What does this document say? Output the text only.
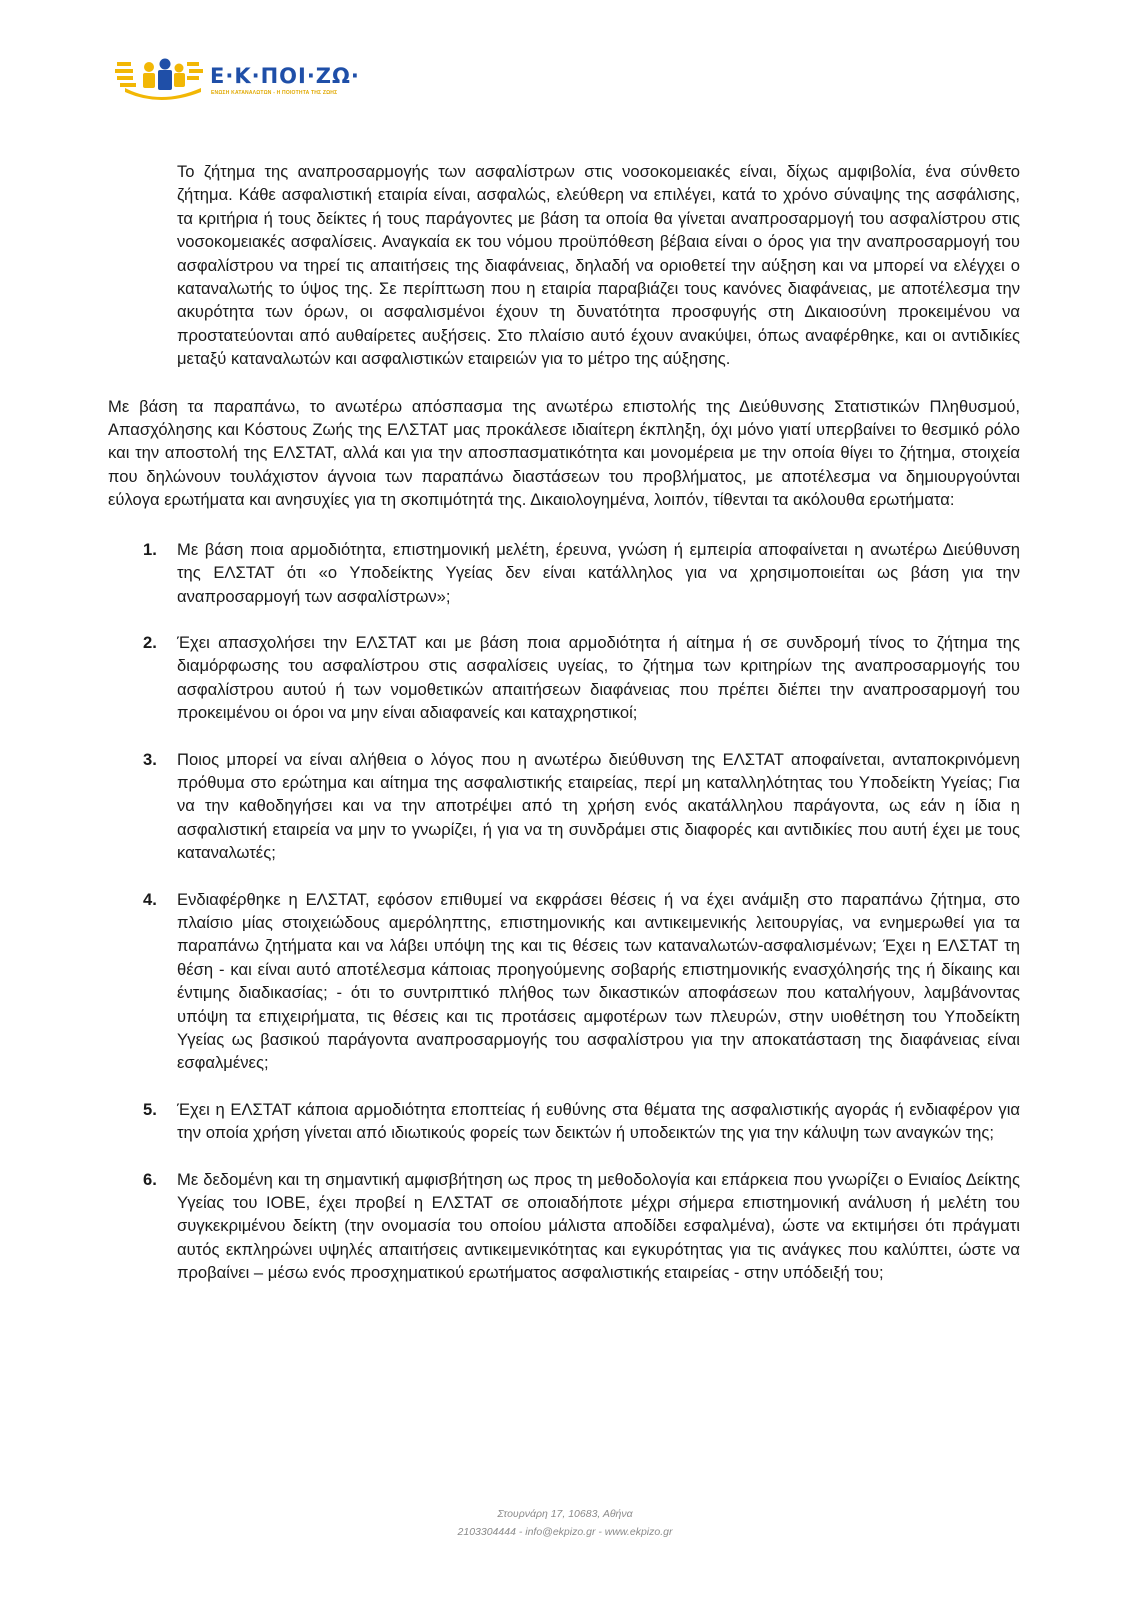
Ε·Κ·ΠΟΙ·ΖΩ·
ΕΝΩΣΗ ΚΑΤΑΝΑΛΩΤΩΝ - Η ΠΟΙΟΤΗΤΑ ΤΗΣ ΖΩΗΣ

Το ζήτημα της αναπροσαρμογής των ασφαλίστρων στις νοσοκομειακές είναι, δίχως αμφιβολία, ένα σύνθετο ζήτημα. Κάθε ασφαλιστική εταιρία είναι, ασφαλώς, ελεύθερη να επιλέγει, κατά το χρόνο σύναψης της ασφάλισης, τα κριτήρια ή τους δείκτες ή τους παράγοντες με βάση τα οποία θα γίνεται αναπροσαρμογή του ασφαλίστρου στις νοσοκομειακές ασφαλίσεις. Αναγκαία εκ του νόμου προϋπόθεση βέβαια είναι ο όρος για την αναπροσαρμογή του ασφαλίστρου να τηρεί τις απαιτήσεις της διαφάνειας, δηλαδή να οριοθετεί την αύξηση και να μπορεί να ελέγχει ο καταναλωτής το ύψος της. Σε περίπτωση που η εταιρία παραβιάζει τους κανόνες διαφάνειας, με αποτέλεσμα την ακυρότητα των όρων, οι ασφαλισμένοι έχουν τη δυνατότητα προσφυγής στη Δικαιοσύνη προκειμένου να προστατεύονται από αυθαίρετες αυξήσεις. Στο πλαίσιο αυτό έχουν ανακύψει, όπως αναφέρθηκε, και οι αντιδικίες μεταξύ καταναλωτών και ασφαλιστικών εταιρειών για το μέτρο της αύξησης.

Με βάση τα παραπάνω, το ανωτέρω απόσπασμα της ανωτέρω επιστολής της Διεύθυνσης Στατιστικών Πληθυσμού, Απασχόλησης και Κόστους Ζωής της ΕΛΣΤΑΤ μας προκάλεσε ιδιαίτερη έκπληξη, όχι μόνο γιατί υπερβαίνει το θεσμικό ρόλο και την αποστολή της ΕΛΣΤΑΤ, αλλά και για την αποσπασματικότητα και μονομέρεια με την οποία θίγει το ζήτημα, στοιχεία που δηλώνουν τουλάχιστον άγνοια των παραπάνω διαστάσεων του προβλήματος, με αποτέλεσμα να δημιουργούνται εύλογα ερωτήματα και ανησυχίες για τη σκοπιμότητά της. Δικαιολογημένα, λοιπόν, τίθενται τα ακόλουθα ερωτήματα:

1. Με βάση ποια αρμοδιότητα, επιστημονική μελέτη, έρευνα, γνώση ή εμπειρία αποφαίνεται η ανωτέρω Διεύθυνση της ΕΛΣΤΑΤ ότι «ο Υποδείκτης Υγείας δεν είναι κατάλληλος για να χρησιμοποιείται ως βάση για την αναπροσαρμογή των ασφαλίστρων»;
2. Έχει απασχολήσει την ΕΛΣΤΑΤ και με βάση ποια αρμοδιότητα ή αίτημα ή σε συνδρομή τίνος το ζήτημα της διαμόρφωσης του ασφαλίστρου στις ασφαλίσεις υγείας, το ζήτημα των κριτηρίων της αναπροσαρμογής του ασφαλίστρου αυτού ή των νομοθετικών απαιτήσεων διαφάνειας που πρέπει διέπει την αναπροσαρμογή του προκειμένου οι όροι να μην είναι αδιαφανείς και καταχρηστικοί;
3. Ποιος μπορεί να είναι αλήθεια ο λόγος που η ανωτέρω διεύθυνση της ΕΛΣΤΑΤ αποφαίνεται, ανταποκρινόμενη πρόθυμα στο ερώτημα και αίτημα της ασφαλιστικής εταιρείας, περί μη καταλληλότητας του Υποδείκτη Υγείας; Για να την καθοδηγήσει και να την αποτρέψει από τη χρήση ενός ακατάλληλου παράγοντα, ως εάν η ίδια η ασφαλιστική εταιρεία να μην το γνωρίζει, ή για να τη συνδράμει στις διαφορές και αντιδικίες που αυτή έχει με τους καταναλωτές;
4. Ενδιαφέρθηκε η ΕΛΣΤΑΤ, εφόσον επιθυμεί να εκφράσει θέσεις ή να έχει ανάμιξη στο παραπάνω ζήτημα, στο πλαίσιο μίας στοιχειώδους αμερόληπτης, επιστημονικής και αντικειμενικής λειτουργίας, να ενημερωθεί για τα παραπάνω ζητήματα και να λάβει υπόψη της και τις θέσεις των καταναλωτών-ασφαλισμένων; Έχει η ΕΛΣΤΑΤ τη θέση - και είναι αυτό αποτέλεσμα κάποιας προηγούμενης σοβαρής επιστημονικής ενασχόλησής της ή δίκαιης και έντιμης διαδικασίας; - ότι το συντριπτικό πλήθος των δικαστικών αποφάσεων που καταλήγουν, λαμβάνοντας υπόψη τα επιχειρήματα, τις θέσεις και τις προτάσεις αμφοτέρων των πλευρών, στην υιοθέτηση του Υποδείκτη Υγείας ως βασικού παράγοντα αναπροσαρμογής του ασφαλίστρου για την αποκατάσταση της διαφάνειας είναι εσφαλμένες;
5. Έχει η ΕΛΣΤΑΤ κάποια αρμοδιότητα εποπτείας ή ευθύνης στα θέματα της ασφαλιστικής αγοράς ή ενδιαφέρον για την οποία χρήση γίνεται από ιδιωτικούς φορείς των δεικτών ή υποδεικτών της για την κάλυψη των αναγκών της;
6. Με δεδομένη και τη σημαντική αμφισβήτηση ως προς τη μεθοδολογία και επάρκεια που γνωρίζει ο Ενιαίος Δείκτης Υγείας του ΙΟΒΕ, έχει προβεί η ΕΛΣΤΑΤ σε οποιαδήποτε μέχρι σήμερα επιστημονική ανάλυση ή μελέτη του συγκεκριμένου δείκτη (την ονομασία του οποίου μάλιστα αποδίδει εσφαλμένα), ώστε να εκτιμήσει ότι πράγματι αυτός εκπληρώνει υψηλές απαιτήσεις αντικειμενικότητας και εγκυρότητας για τις ανάγκες που καλύπτει, ώστε να προβαίνει – μέσω ενός προσχηματικού ερωτήματος ασφαλιστικής εταιρείας - στην υπόδειξή του;
Στουρνάρη 17, 10683, Αθήνα
2103304444 - info@ekpizo.gr - www.ekpizo.gr
